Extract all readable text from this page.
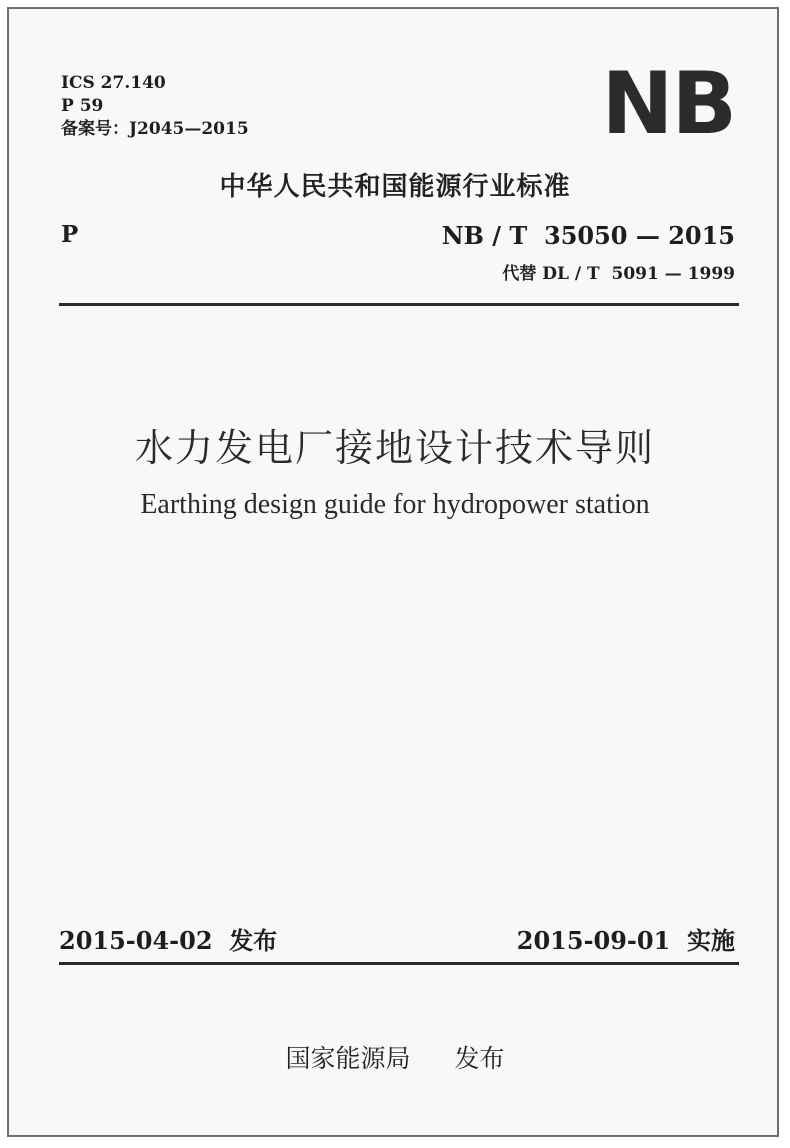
ICS 27.140
P 59
备案号：J2045—2015	NB
中华人民共和国能源行业标准
P	NB / T  35050 — 2015
代替 DL / T  5091 — 1999
水力发电厂接地设计技术导则
Earthing design guide for hydropower station
2015-04-02  发布	2015-09-01  实施
国家能源局 发布
